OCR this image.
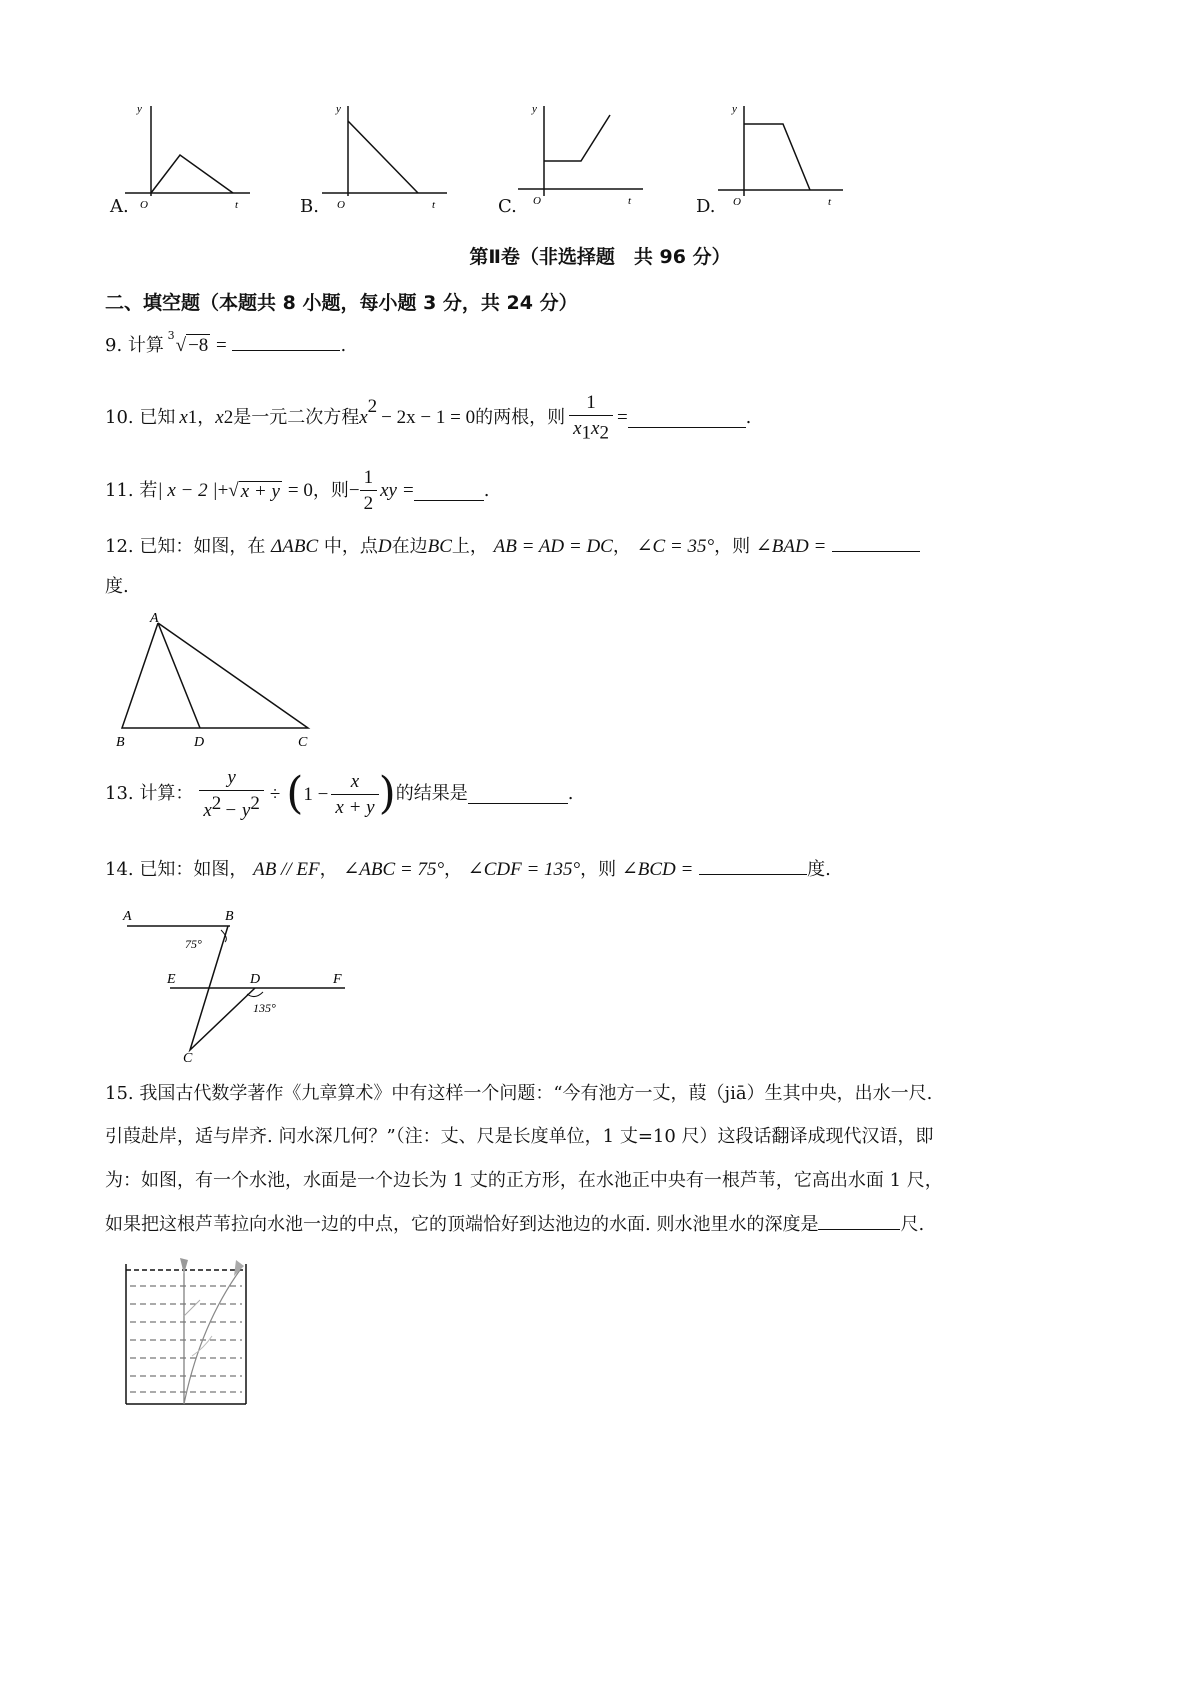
A.
y
O	t	B.
y
O	t	C.
y
O	t	D.
y
O	t
第Ⅱ卷（非选择题　共 96 分）
二、填空题（本题共 8 小题，每小题 3 分，共 24 分）
9. 计算 3 √ −8 =	.
10. 已知 x 1 ， x 2 是一元二次方程 x
2
− 2x − 1 = 0 的两根，则 $\frac{1}{x_1x_2}$ =	.
11. 若 | x − 2 | + √ x + y = 0 ，则 − $\frac{1}{2}$ xy =	.
12. 已知：如图，在 ΔABC 中，点D在边BC上， AB = AD = DC， ∠C = 35°，则 ∠BAD =
度.
A
B	D	C
13. 计算： $\frac{y}{x^2 - y^2}$ ÷ ( $1 - \frac{x}{x + y}$ ) 的结果是	.
14. 已知：如图， AB // EF， ∠ABC = 75°， ∠CDF = 135°，则 ∠BCD =	度.
A	B
E	D	F
C
75°
135°
15. 我国古代数学著作《九章算术》中有这样一个问题：“今有池方一丈，葭（jiā）生其中央，出水一尺.
引葭赴岸，适与岸齐. 问水深几何？”（注：丈、尺是长度单位，1 丈=10 尺）这段话翻译成现代汉语，即
为：如图，有一个水池，水面是一个边长为 1 丈的正方形，在水池正中央有一根芦苇，它高出水面 1 尺，
如果把这根芦苇拉向水池一边的中点，它的顶端恰好到达池边的水面. 则水池里水的深度是	尺.
